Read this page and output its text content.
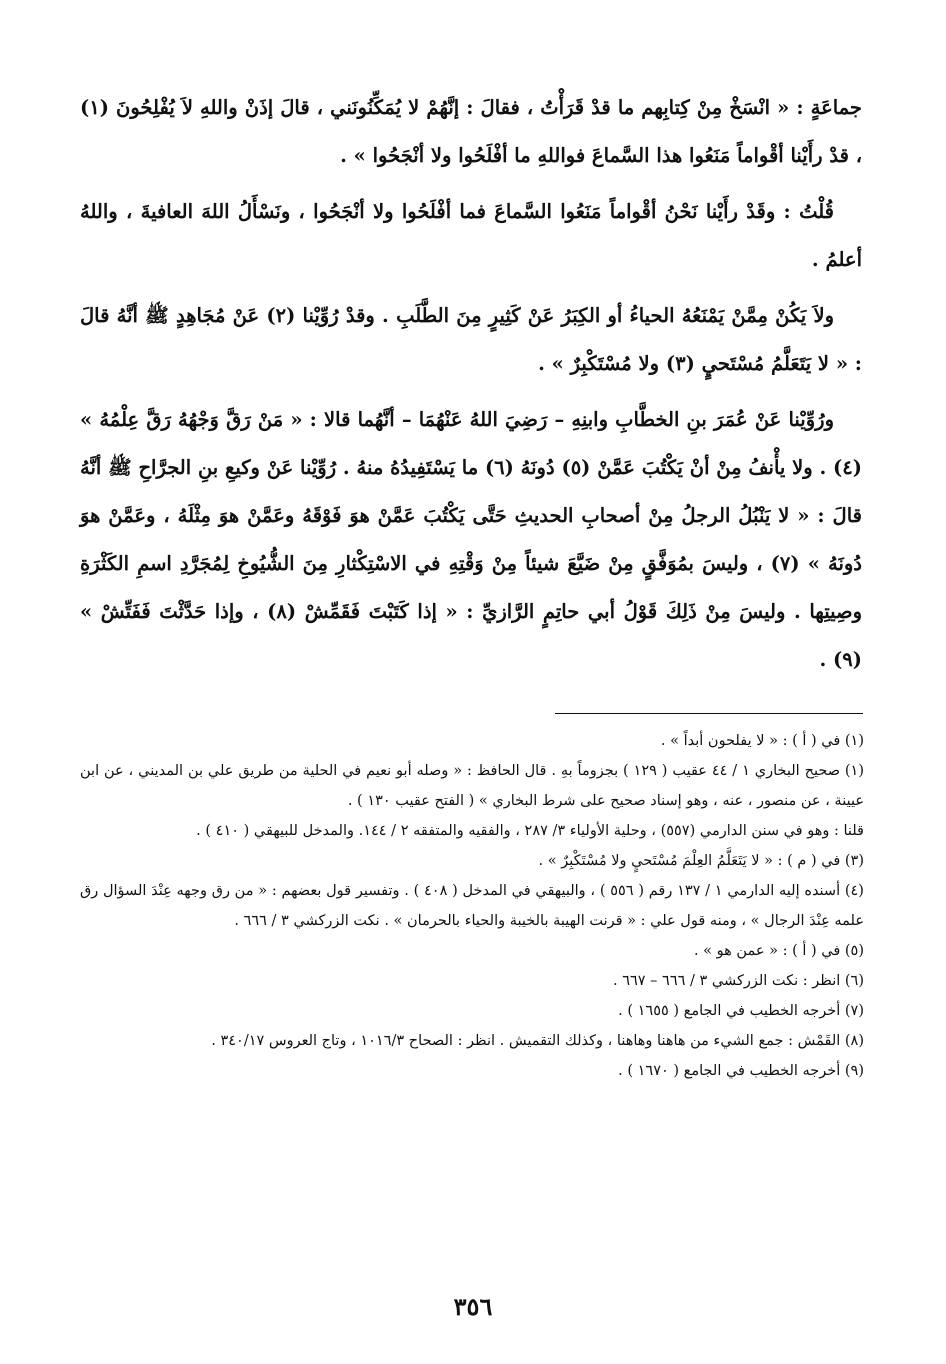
جماعَةٍ : « انْسَخْ مِنْ كِتابِهم ما قدْ قَرَأْتُ ، فقالَ : إنَّهُمْ لا يُمَكِّنُونَني ، قالَ إذَنْ واللهِ لاَ يُفْلِحُونَ (١) ، قدْ رأَيْنا أقْواماً مَنَعُوا هذا السَّماعَ فواللهِ ما أفْلَحُوا ولا أنْجَحُوا » .

قُلْتُ : وقَدْ رأَيْنا نَحْنُ أقْواماً مَنَعُوا السَّماعَ فما أفْلَحُوا ولا أنْجَحُوا ، ونَسْأَلُ اللهَ العافيةَ ، واللهُ أعلمُ .

ولاَ يَكُنْ مِمَّنْ يَمْنَعُهُ الحياءُ أو الكِبَرُ عَنْ كَثِيرٍ مِنَ الطَّلَبِ . وقدْ رُوِّيْنا (٢) عَنْ مُجَاهِدٍ ﷺ أنَّهُ قالَ : « لا يَتَعَلَّمُ مُسْتَحيٍ (٣) ولا مُسْتَكْبِرٌ » .

ورُوِّيْنا عَنْ عُمَرَ بنِ الخطَّابِ وابنِهِ – رَضِيَ اللهُ عَنْهُمَا – أنَّهُما قالا : « مَنْ رَقَّ وَجْهُهُ رَقَّ عِلْمُهُ » (٤) . ولا يأْنفُ مِنْ أنْ يَكْتُبَ عَمَّنْ (٥) دُونَهُ (٦) ما يَسْتَفِيدُهُ منهُ . رُوِّيْنا عَنْ وكيعِ بنِ الجرَّاحِ ﷺ أنَّهُ قالَ : « لا يَنْبُلُ الرجلُ مِنْ أصحابِ الحديثِ حَتَّى يَكْتُبَ عَمَّنْ هوَ فَوْقَهُ وعَمَّنْ هوَ مِثْلَهُ ، وعَمَّنْ هوَ دُونَهُ » (٧) ، وليسَ بمُوَفَّقٍ مِنْ ضَيَّعَ شيئاً مِنْ وَقْتِهِ في الاسْتِكْثارِ مِنَ الشُّيُوخِ لِمُجَرَّدِ اسمِ الكَثْرَةِ وصِيتِها . وليسَ مِنْ ذَلِكَ قَوْلُ أبي حاتِمٍ الرَّازيِّ : « إذا كَتَبْتَ فَقَمِّشْ (٨) ، وإذا حَدَّثْتَ فَفَتِّشْ » (٩) .

(١) في ( أ ) : « لا يفلحون أبداً » .

(١) صحيح البخاري ١ / ٤٤ عقيب ( ١٢٩ ) بجزوماً بهِ . قال الحافظ : « وصله أبو نعيم في الحلية من طريق علي بن المديني ، عن ابن عيينة ، عن منصور ، عنه ، وهو إسناد صحيح على شرط البخاري » ( الفتح عقيب ١٣٠ ) .

قلنا : وهو في سنن الدارمي (٥٥٧) ، وحلية الأولياء ٣/ ٢٨٧ ، والفقيه والمتفقه ٢ / ١٤٤. والمدخل للبيهقي ( ٤١٠ ) .

(٣) في ( م ) : « لا يَتَعَلَّمُ العِلْمَ مُسْتَحيٍ ولا مُسْتَكْبِرٌ » .

(٤) أسنده إليه الدارمي ١ / ١٣٧ رقم ( ٥٥٦ ) ، والبيهقي في المدخل ( ٤٠٨ ) . وتفسير قول بعضهم : « من رق وجهه عِنْدَ السؤال رق علمه عِنْدَ الرجال » ، ومنه قول علي : « قرنت الهيبة بالخيبة والحياء بالحرمان » . نكت الزركشي ٣ / ٦٦٦ .

(٥) في ( أ ) : « عمن هو » .

(٦) انظر : نكت الزركشي ٣ / ٦٦٦ – ٦٦٧ .

(٧) أخرجه الخطيب في الجامع ( ١٦٥٥ ) .

(٨) القَمْش : جمع الشيء من هاهنا وهاهنا ، وكذلك التقميش . انظر : الصحاح ١٠١٦/٣ ، وتاج العروس ٣٤٠/١٧ .

(٩) أخرجه الخطيب في الجامع ( ١٦٧٠ ) .

٣٥٦
